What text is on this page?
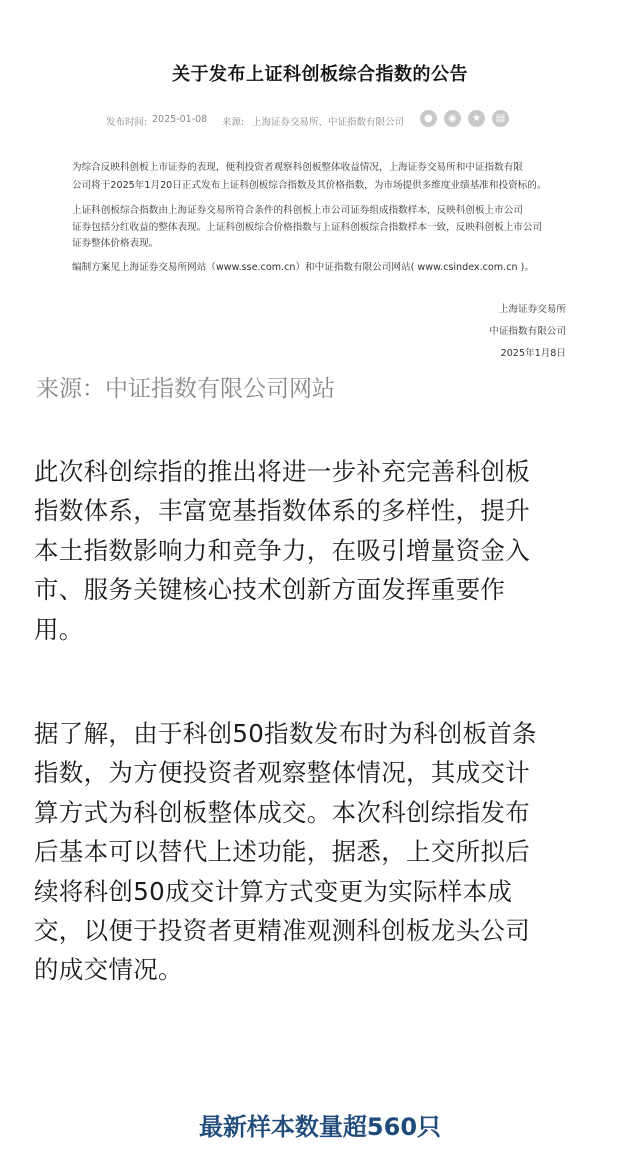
关于发布上证科创板综合指数的公告
发布时间: 2025-01-08 来源: 上海证券交易所、中证指数有限公司	●	◉	★	▤
为综合反映科创板上市证券的表现，便利投资者观察科创板整体收益情况，上海证券交易所和中证指数有限
公司将于2025年1月20日正式发布上证科创板综合指数及其价格指数，为市场提供多维度业绩基准和投资标的。
上证科创板综合指数由上海证券交易所符合条件的科创板上市公司证券组成指数样本，反映科创板上市公司
证券包括分红收益的整体表现。上证科创板综合价格指数与上证科创板综合指数样本一致，反映科创板上市公司
证券整体价格表现。
编制方案见上海证券交易所网站（www.sse.com.cn）和中证指数有限公司网站( www.csindex.com.cn )。
上海证券交易所
中证指数有限公司
2025年1月8日
来源：中证指数有限公司网站
此次科创综指的推出将进一步补充完善科创板
指数体系，丰富宽基指数体系的多样性，提升
本土指数影响力和竞争力，在吸引增量资金入
市、服务关键核心技术创新方面发挥重要作
用。
据了解，由于科创50指数发布时为科创板首条
指数，为方便投资者观察整体情况，其成交计
算方式为科创板整体成交。本次科创综指发布
后基本可以替代上述功能，据悉，上交所拟后
续将科创50成交计算方式变更为实际样本成
交，以便于投资者更精准观测科创板龙头公司
的成交情况。
最新样本数量超560只
